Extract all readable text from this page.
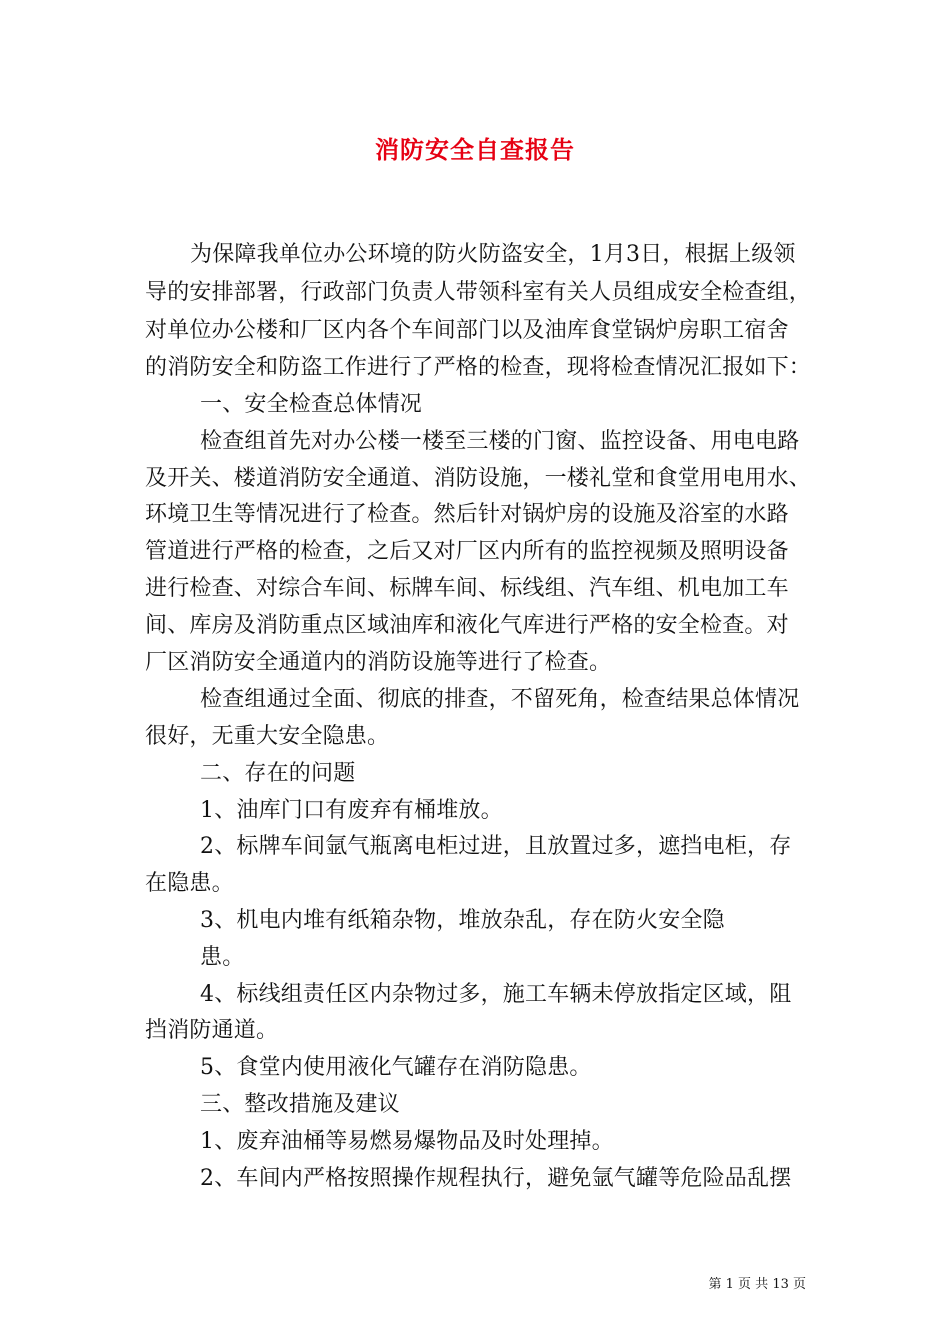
消防安全自查报告
为保障我单位办公环境的防火防盗安全，1月3日，根据上级领
导的安排部署，行政部门负责人带领科室有关人员组成安全检查组，
对单位办公楼和厂区内各个车间部门以及油库食堂锅炉房职工宿舍
的消防安全和防盗工作进行了严格的检查，现将检查情况汇报如下：
一、安全检查总体情况
检查组首先对办公楼一楼至三楼的门窗、监控设备、用电电路
及开关、楼道消防安全通道、消防设施，一楼礼堂和食堂用电用水、
环境卫生等情况进行了检查。然后针对锅炉房的设施及浴室的水路
管道进行严格的检查，之后又对厂区内所有的监控视频及照明设备
进行检查、对综合车间、标牌车间、标线组、汽车组、机电加工车
间、库房及消防重点区域油库和液化气库进行严格的安全检查。对
厂区消防安全通道内的消防设施等进行了检查。
检查组通过全面、彻底的排查，不留死角，检查结果总体情况
很好，无重大安全隐患。
二、存在的问题
1、油库门口有废弃有桶堆放。
2、标牌车间氩气瓶离电柜过进，且放置过多，遮挡电柜，存
在隐患。
3、机电内堆有纸箱杂物，堆放杂乱，存在防火安全隐
患。
4、标线组责任区内杂物过多，施工车辆未停放指定区域，阻
挡消防通道。
5、食堂内使用液化气罐存在消防隐患。
三、整改措施及建议
1、废弃油桶等易燃易爆物品及时处理掉。
2、车间内严格按照操作规程执行，避免氩气罐等危险品乱摆
第 1 页 共 13 页
